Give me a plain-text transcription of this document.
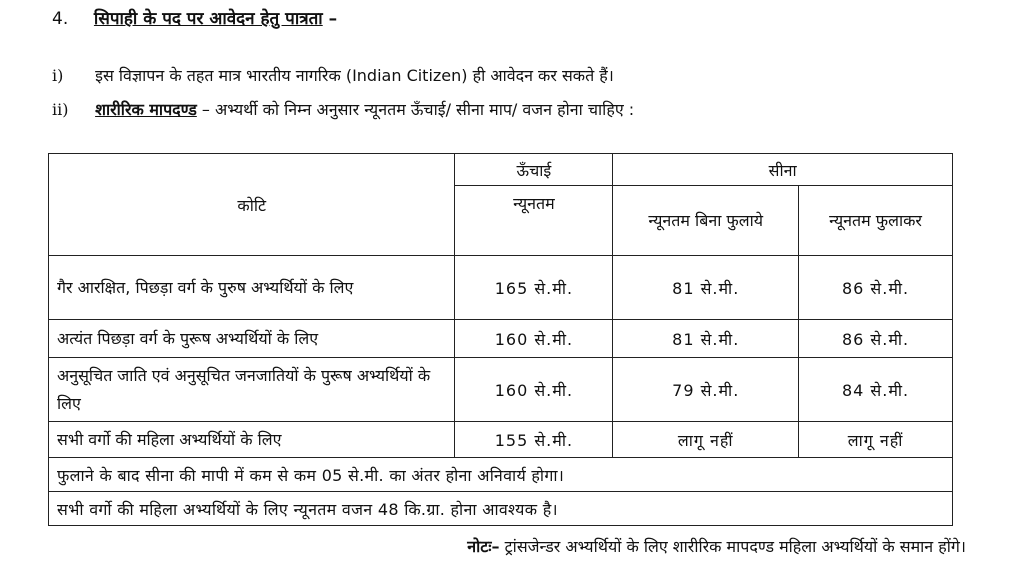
4. सिपाही के पद पर आवेदन हेतु पात्रता –
i) इस विज्ञापन के तहत मात्र भारतीय नागरिक (Indian Citizen) ही आवेदन कर सकते हैं।
ii) शारीरिक मापदण्ड – अभ्यर्थी को निम्न अनुसार न्यूनतम ऊँचाई/ सीना माप/ वजन होना चाहिए :
कोटि	ऊँचाई	सीना	
	न्यूनतम	न्यूनतम बिना फुलाये	न्यूनतम फुलाकर
गैर आरक्षित, पिछड़ा वर्ग के पुरुष अभ्यर्थियों के लिए	165 से.मी.	81 से.मी.	86 से.मी.
अत्यंत पिछड़ा वर्ग के पुरूष अभ्यर्थियों के लिए	160 से.मी.	81 से.मी.	86 से.मी.
अनुसूचित जाति एवं अनुसूचित जनजातियों के पुरूष अभ्यर्थियों के लिए	160 से.मी.	79 से.मी.	84 से.मी.
सभी वर्गो की महिला अभ्यर्थियों के लिए	155 से.मी.	लागू नहीं	लागू नहीं
फुलाने के बाद सीना की मापी में कम से कम 05 से.मी. का अंतर होना अनिवार्य होगा।			
सभी वर्गो की महिला अभ्यर्थियों के लिए न्यूनतम वजन 48 कि.ग्रा. होना आवश्यक है।			
नोटः– ट्रांसजेन्डर अभ्यर्थियों के लिए शारीरिक मापदण्ड महिला अभ्यर्थियों के समान होंगे।
